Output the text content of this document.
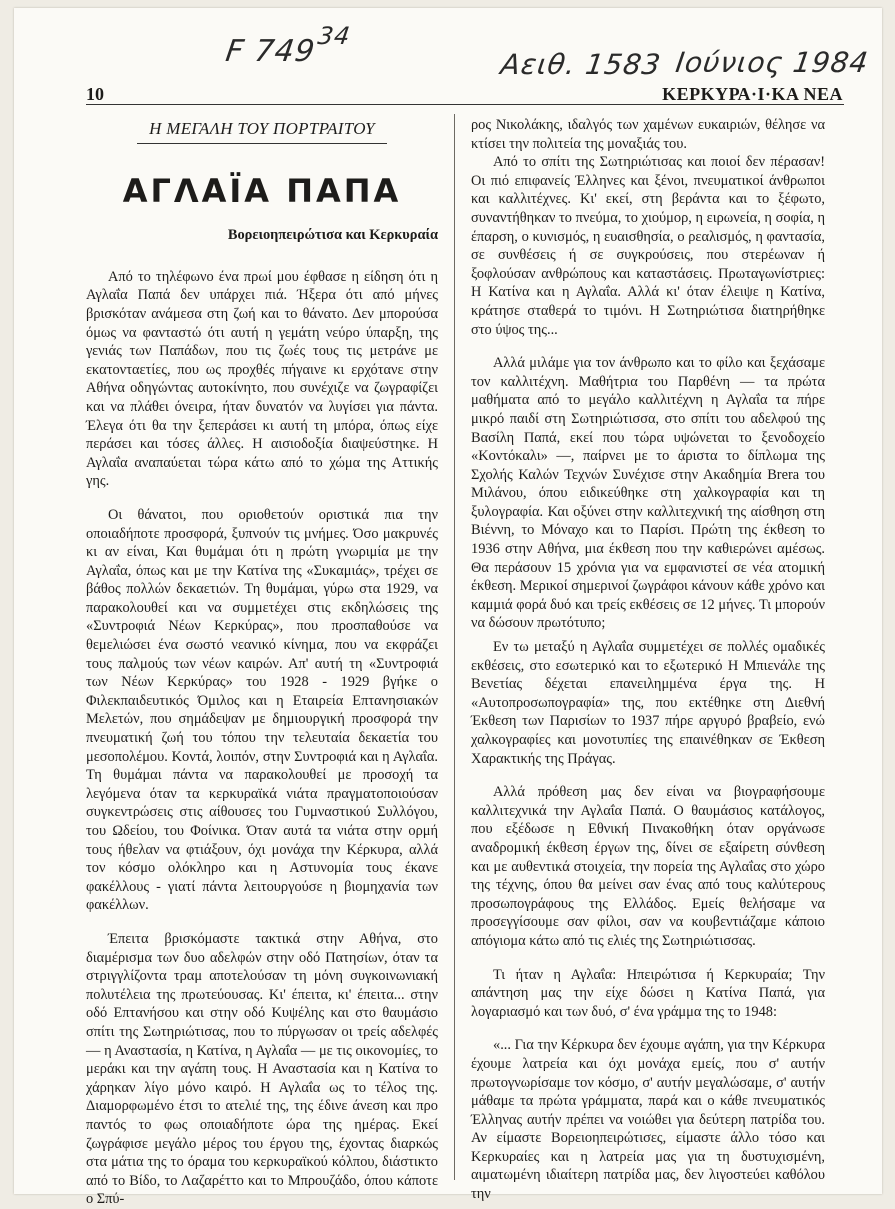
F 749
34
Αειθ. 1583 Ιούνιος 1984
10	ΚΕΡΚΥΡΑ·Ι·ΚΑ ΝΕΑ
Η ΜΕΓΑΛΗ ΤΟΥ ΠΟΡΤΡΑΙΤΟΥ
ΑΓΛΑΪΑ ΠΑΠΑ
Βορειοηπειρώτισα και Κερκυραία

Από το τηλέφωνο ένα πρωί μου έφθασε η είδηση ότι η Αγλαΐα Παπά δεν υπάρχει πιά. Ήξερα ότι από μήνες βρισκόταν ανάμεσα στη ζωή και το θάνατο. Δεν μπορούσα όμως να φανταστώ ότι αυτή η γεμάτη νεύρο ύπαρξη, της γενιάς των Παπάδων, που τις ζωές τους τις μετράνε με εκατονταετίες, που ως προχθές πήγαινε κι ερχότανε στην Αθήνα οδηγώντας αυτοκίνητο, που συνέχιζε να ζωγραφίζει και να πλάθει όνειρα, ήταν δυνατόν να λυγίσει για πάντα. Έλεγα ότι θα την ξεπεράσει κι αυτή τη μπόρα, όπως είχε περάσει και τόσες άλλες. Η αισιοδοξία διαψεύστηκε. Η Αγλαΐα αναπαύεται τώρα κάτω από το χώμα της Αττικής γης.

Οι θάνατοι, που οριοθετούν οριστικά πια την οποιαδήποτε προσφορά, ξυπνούν τις μνήμες. Όσο μακρυνές κι αν είναι, Και θυμάμαι ότι η πρώτη γνωριμία με την Αγλαΐα, όπως και με την Κατίνα της «Συκαμιάς», τρέχει σε βάθος πολλών δεκαετιών. Τη θυμάμαι, γύρω στα 1929, να παρακολουθεί και να συμμετέχει στις εκδηλώσεις της «Συντροφιά Νέων Κερκύρας», που προσπαθούσε να θεμελιώσει ένα σωστό νεανικό κίνημα, που να εκφράζει τους παλμούς των νέων καιρών. Απ' αυτή τη «Συντροφιά των Νέων Κερκύρας» του 1928 - 1929 βγήκε ο Φιλεκπαιδευτικός Όμιλος και η Εταιρεία Επτανησιακών Μελετών, που σημάδεψαν με δημιουργική προσφορά την πνευματική ζωή του τόπου την τελευταία δεκαετία του μεσοπολέμου. Κοντά, λοιπόν, στην Συντροφιά και η Αγλαΐα. Τη θυμάμαι πάντα να παρακολουθεί με προσοχή τα λεγόμενα όταν τα κερκυραϊκά νιάτα πραγματοποιούσαν συγκεντρώσεις στις αίθουσες του Γυμναστικού Συλλόγου, του Ωδείου, του Φοίνικα. Όταν αυτά τα νιάτα στην ορμή τους ήθελαν να φτιάξουν, όχι μονάχα την Κέρκυρα, αλλά τον κόσμο ολόκληρο και η Αστυνομία τους έκανε φακέλλους - γιατί πάντα λειτουργούσε η βιομηχανία των φακέλλων.

Έπειτα βρισκόμαστε τακτικά στην Αθήνα, στο διαμέρισμα των δυο αδελφών στην οδό Πατησίων, όταν τα στριγγλίζοντα τραμ αποτελούσαν τη μόνη συγκοινωνιακή πολυτέλεια της πρωτεύουσας. Κι' έπειτα, κι' έπειτα... στην οδό Επτανήσου και στην οδό Κυψέλης και στο θαυμάσιο σπίτι της Σωτηριώτισας, που το πύργωσαν οι τρείς αδελφές — η Αναστασία, η Κατίνα, η Αγλαΐα — με τις οικονομίες, το μεράκι και την αγάπη τους. Η Αναστασία και η Κατίνα το χάρηκαν λίγο μόνο καιρό. Η Αγλαΐα ως το τέλος της. Διαμορφωμένο έτσι το ατελιέ της, της έδινε άνεση και προ παντός το φως οποιαδήποτε ώρα της ημέρας. Εκεί ζωγράφισε μεγάλο μέρος του έργου της, έχοντας διαρκώς στα μάτια της το όραμα του κερκυραϊκού κόλπου, διάστικτο από το Βίδο, το Λαζαρέττο και το Μπρουζάδο, όπου κάποτε ο Σπύ-

ρος Νικολάκης, ιδαλγός των χαμένων ευκαιριών, θέλησε να κτίσει την πολιτεία της μοναξιάς του.

Από το σπίτι της Σωτηριώτισας και ποιοί δεν πέρασαν! Οι πιό επιφανείς Έλληνες και ξένοι, πνευματικοί άνθρωποι και καλλιτέχνες. Κι' εκεί, στη βεράντα και το ξέφωτο, συναντήθηκαν το πνεύμα, το χιούμορ, η ειρωνεία, η σοφία, η έπαρση, ο κυνισμός, η ευαισθησία, ο ρεαλισμός, η φαντασία, σε συνθέσεις ή σε συγκρούσεις, που στερέωναν ή ξοφλούσαν ανθρώπους και καταστάσεις. Πρωταγωνίστριες: Η Κατίνα και η Αγλαΐα. Αλλά κι' όταν έλειψε η Κατίνα, κράτησε σταθερά το τιμόνι. Η Σωτηριώτισα διατηρήθηκε στο ύψος της...

Αλλά μιλάμε για τον άνθρωπο και το φίλο και ξεχάσαμε τον καλλιτέχνη. Μαθήτρια του Παρθένη — τα πρώτα μαθήματα από το μεγάλο καλλιτέχνη η Αγλαΐα τα πήρε μικρό παιδί στη Σωτηριώτισσα, στο σπίτι του αδελφού της Βασίλη Παπά, εκεί που τώρα υψώνεται το ξενοδοχείο «Κοντόκαλι» —, παίρνει με το άριστα το δίπλωμα της Σχολής Καλών Τεχνών Συνέχισε στην Ακαδημία Brera του Μιλάνου, όπου ειδικεύθηκε στη χαλκογραφία και τη ξυλογραφία. Και οξύνει στην καλλιτεχνική της αίσθηση στη Βιέννη, το Μόναχο και το Παρίσι. Πρώτη της έκθεση το 1936 στην Αθήνα, μια έκθεση που την καθιερώνει αμέσως. Θα περάσουν 15 χρόνια για να εμφανιστεί σε νέα ατομική έκθεση. Μερικοί σημερινοί ζωγράφοι κάνουν κάθε χρόνο και καμμιά φορά δυό και τρείς εκθέσεις σε 12 μήνες. Τι μπορούν να δώσουν πρωτότυπο;

Εν τω μεταξύ η Αγλαΐα συμμετέχει σε πολλές ομαδικές εκθέσεις, στο εσωτερικό και το εξωτερικό Η Μπιενάλε της Βενετίας δέχεται επανειλημμένα έργα της. Η «Αυτοπροσωπογραφία» της, που εκτέθηκε στη Διεθνή Έκθεση των Παρισίων το 1937 πήρε αργυρό βραβείο, ενώ χαλκογραφίες και μονοτυπίες της επαινέθηκαν σε Έκθεση Χαρακτικής της Πράγας.

Αλλά πρόθεση μας δεν είναι να βιογραφήσουμε καλλιτεχνικά την Αγλαΐα Παπά. Ο θαυμάσιος κατάλογος, που εξέδωσε η Εθνική Πινακοθήκη όταν οργάνωσε αναδρομική έκθεση έργων της, δίνει σε εξαίρετη σύνθεση και με αυθεντικά στοιχεία, την πορεία της Αγλαΐας στο χώρο της τέχνης, όπου θα μείνει σαν ένας από τους καλύτερους προσωπογράφους της Ελλάδος. Εμείς θελήσαμε να προσεγγίσουμε σαν φίλοι, σαν να κουβεντιάζαμε κάποιο απόγιομα κάτω από τις ελιές της Σωτηριώτισσας.

Τι ήταν η Αγλαΐα: Ηπειρώτισα ή Κερκυραία; Την απάντηση μας την είχε δώσει η Κατίνα Παπά, για λογαριασμό και των δυό, σ' ένα γράμμα της το 1948:

«... Για την Κέρκυρα δεν έχουμε αγάπη, για την Κέρκυρα έχουμε λατρεία και όχι μονάχα εμείς, που σ' αυτήν πρωτογνωρίσαμε τον κόσμο, σ' αυτήν μεγαλώσαμε, σ' αυτήν μάθαμε τα πρώτα γράμματα, παρά και ο κάθε πνευματικός Έλληνας αυτήν πρέπει να νοιώθει για δεύτερη πατρίδα του. Αν είμαστε Βορειοηπειρώτισες, είμαστε άλλο τόσο και Κερκυραίες και η λατρεία μας για τη δυστυχισμένη, αιματωμένη ιδιαίτερη πατρίδα μας, δεν λιγοστεύει καθόλου την
